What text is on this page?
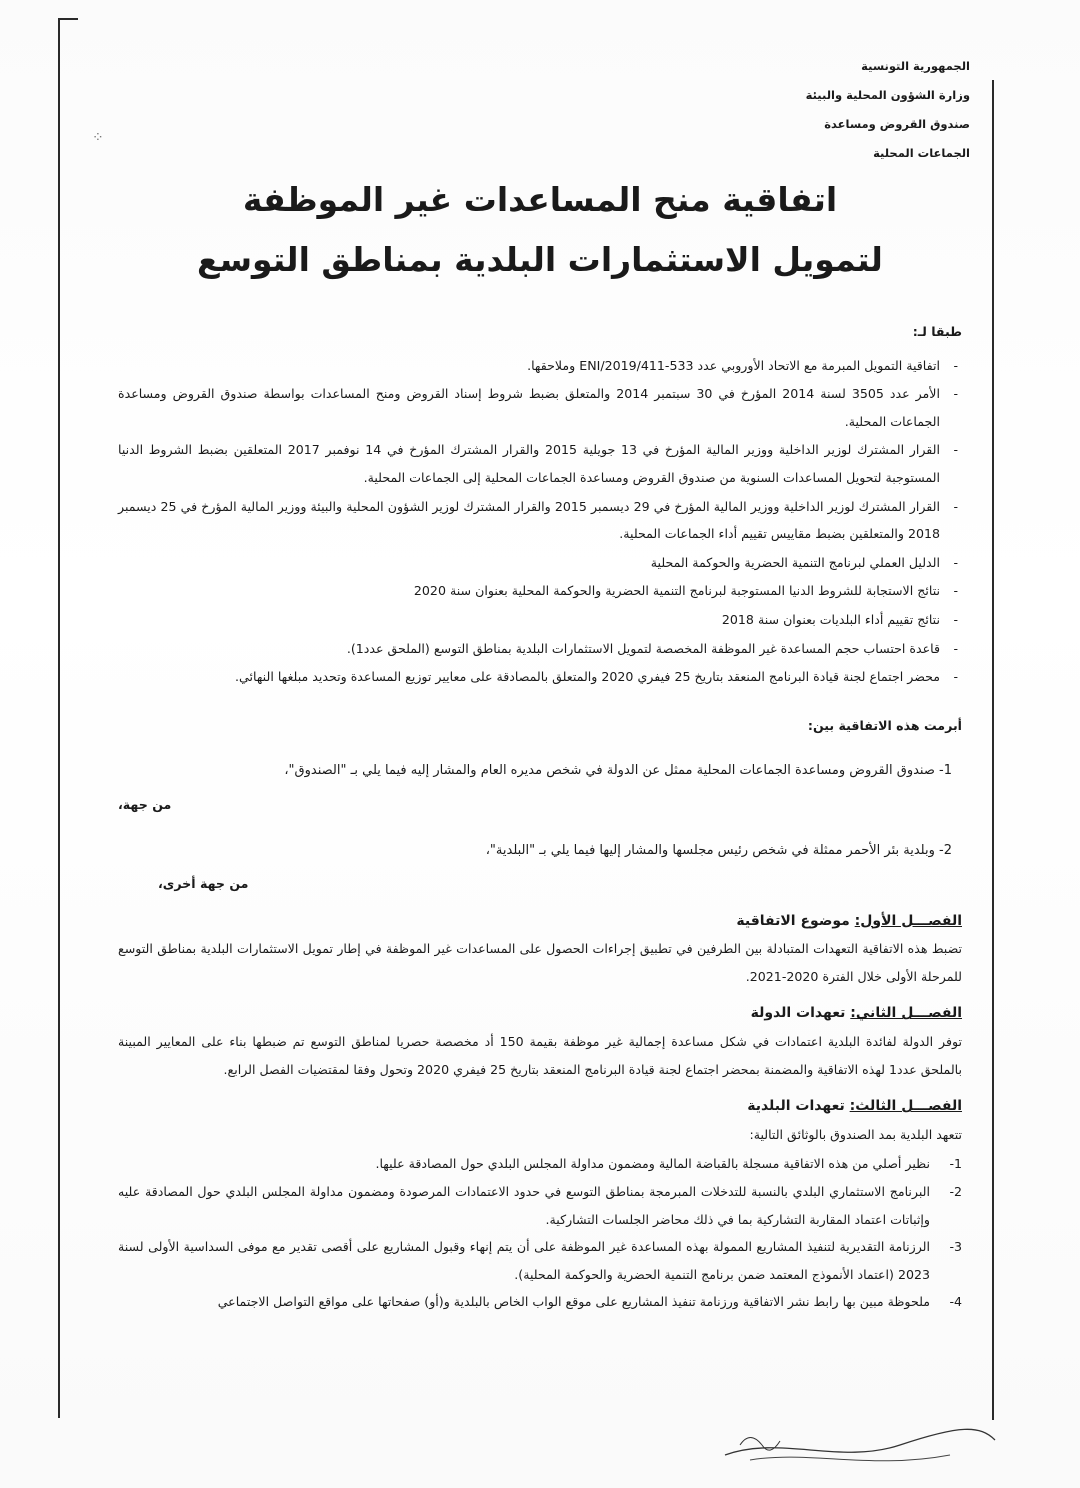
⁘
الجمهورية التونسية
وزارة الشؤون المحلية والبيئة
صندوق القروض ومساعدة
الجماعات المحلية
اتفاقية منح المساعدات غير الموظفة
لتمويل الاستثمارات البلدية بمناطق التوسع

طبقا لـ:

- اتفاقية التمويل المبرمة مع الاتحاد الأوروبي عدد ENI/2019/411-533 وملاحقها.
- الأمر عدد 3505 لسنة 2014 المؤرخ في 30 سبتمبر 2014 والمتعلق بضبط شروط إسناد القروض ومنح المساعدات بواسطة صندوق القروض ومساعدة الجماعات المحلية.
- القرار المشترك لوزير الداخلية ووزير المالية المؤرخ في 13 جويلية 2015 والقرار المشترك المؤرخ في 14 نوفمبر 2017 المتعلقين بضبط الشروط الدنيا المستوجبة لتحويل المساعدات السنوية من صندوق القروض ومساعدة الجماعات المحلية إلى الجماعات المحلية.
- القرار المشترك لوزير الداخلية ووزير المالية المؤرخ في 29 ديسمبر 2015 والقرار المشترك لوزير الشؤون المحلية والبيئة ووزير المالية المؤرخ في 25 ديسمبر 2018 والمتعلقين بضبط مقاييس تقييم أداء الجماعات المحلية.
- الدليل العملي لبرنامج التنمية الحضرية والحوكمة المحلية
- نتائج الاستجابة للشروط الدنيا المستوجبة لبرنامج التنمية الحضرية والحوكمة المحلية بعنوان سنة 2020
- نتائج تقييم أداء البلديات بعنوان سنة 2018
- قاعدة احتساب حجم المساعدة غير الموظفة المخصصة لتمويل الاستثمارات البلدية بمناطق التوسع (الملحق عدد1).
- محضر اجتماع لجنة قيادة البرنامج المنعقد بتاريخ 25 فيفري 2020 والمتعلق بالمصادقة على معايير توزيع المساعدة وتحديد مبلغها النهائي.

أبرمت هذه الاتفاقية بين:

1- صندوق القروض ومساعدة الجماعات المحلية ممثل عن الدولة في شخص مديره العام والمشار إليه فيما يلي بـ "الصندوق"،

من جهة،

2- وبلدية بئر الأحمر ممثلة في شخص رئيس مجلسها والمشار إليها فيما يلي بـ "البلدية"،

من جهة أخرى،

الفصـــل الأول: موضوع الاتفاقية

تضبط هذه الاتفاقية التعهدات المتبادلة بين الطرفين في تطبيق إجراءات الحصول على المساعدات غير الموظفة في إطار تمويل الاستثمارات البلدية بمناطق التوسع للمرحلة الأولى خلال الفترة 2020-2021.

الفصـــل الثاني: تعهدات الدولة

توفر الدولة لفائدة البلدية اعتمادات في شكل مساعدة إجمالية غير موظفة بقيمة 150 أد مخصصة حصريا لمناطق التوسع تم ضبطها بناء على المعايير المبينة بالملحق عدد1 لهذه الاتفاقية والمضمنة بمحضر اجتماع لجنة قيادة البرنامج المنعقد بتاريخ 25 فيفري 2020 وتحول وفقا لمقتضيات الفصل الرابع.

الفصـــل الثالث: تعهدات البلدية

تتعهد البلدية بمد الصندوق بالوثائق التالية:

1-
نظير أصلي من هذه الاتفاقية مسجلة بالقباضة المالية ومضمون مداولة المجلس البلدي حول المصادقة عليها.
2-
البرنامج الاستثماري البلدي بالنسبة للتدخلات المبرمجة بمناطق التوسع في حدود الاعتمادات المرصودة ومضمون مداولة المجلس البلدي حول المصادقة عليه وإثباتات اعتماد المقاربة التشاركية بما في ذلك محاضر الجلسات التشاركية.
3-
الرزنامة التقديرية لتنفيذ المشاريع الممولة بهذه المساعدة غير الموظفة على أن يتم إنهاء وقبول المشاريع على أقصى تقدير مع موفى السداسية الأولى لسنة 2023 (اعتماد الأنموذج المعتمد ضمن برنامج التنمية الحضرية والحوكمة المحلية).
4-
ملحوظة مبين بها رابط نشر الاتفاقية ورزنامة تنفيذ المشاريع على موقع الواب الخاص بالبلدية و(أو) صفحاتها على مواقع التواصل الاجتماعي
